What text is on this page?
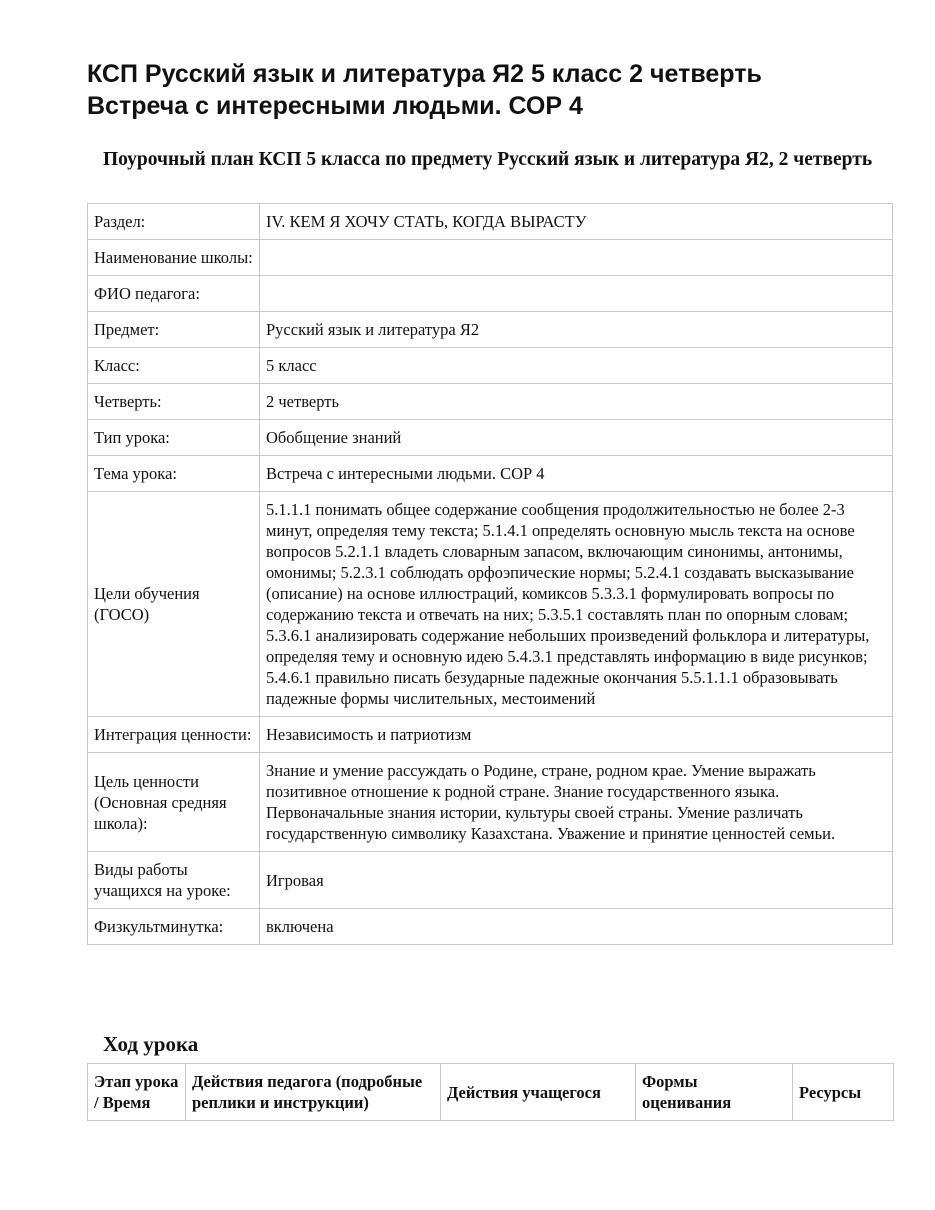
КСП Русский язык и литература Я2 5 класс 2 четверть
Встреча с интересными людьми. СОР 4
Поурочный план КСП 5 класса по предмету Русский язык и литература Я2, 2 четверть
Раздел:	IV. КЕМ Я ХОЧУ СТАТЬ, КОГДА ВЫРАСТУ
Наименование школы:	
ФИО педагога:	
Предмет:	Русский язык и литература Я2
Класс:	5 класс
Четверть:	2 четверть
Тип урока:	Обобщение знаний
Тема урока:	Встреча с интересными людьми. СОР 4
Цели обучения (ГОСО)	5.1.1.1 понимать общее содержание сообщения продолжительностью не более 2-3 минут, определяя тему текста; 5.1.4.1 определять основную мысль текста на основе вопросов 5.2.1.1 владеть словарным запасом, включающим синонимы, антонимы, омонимы; 5.2.3.1 соблюдать орфоэпические нормы; 5.2.4.1 создавать высказывание (описание) на основе иллюстраций, комиксов 5.3.3.1 формулировать вопросы по содержанию текста и отвечать на них; 5.3.5.1 составлять план по опорным словам; 5.3.6.1 анализировать содержание небольших произведений фольклора и литературы, определяя тему и основную идею 5.4.3.1 представлять информацию в виде рисунков; 5.4.6.1 правильно писать безударные падежные окончания 5.5.1.1.1 образовывать падежные формы числительных, местоимений
Интеграция ценности:	Независимость и патриотизм
Цель ценности (Основная средняя школа):	Знание и умение рассуждать о Родине, стране, родном крае. Умение выражать позитивное отношение к родной стране. Знание государственного языка. Первоначальные знания истории, культуры своей страны. Умение различать государственную символику Казахстана. Уважение и принятие ценностей семьи.
Виды работы учащихся на уроке:	Игровая
Физкультминутка:	включена
Ход урока
Этап урока / Время	Действия педагога (подробные реплики и инструкции)	Действия учащегося	Формы оценивания	Ресурсы
